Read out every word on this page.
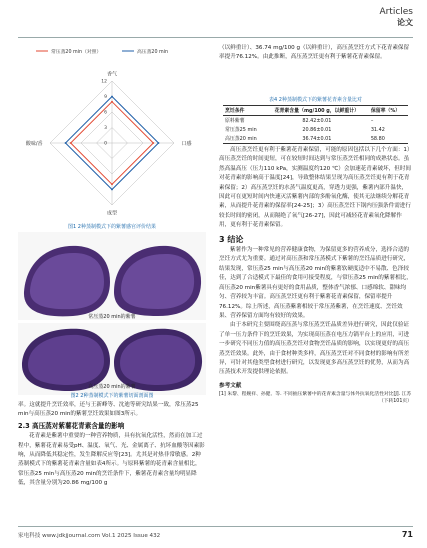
Articles
论文
常压蒸20 min（对照）	高压蒸20 min
0
3
6
9
12
香气
口感
成型
酸味/香
图1 2种蒸制模式下的紫薯感官评价结果
常压蒸20 min的紫薯
高压蒸20 min的紫薯
图2 2种蒸制模式下的紫薯切面剖面图

率。这就提升烹饪效率，还与王新峰等、沈迪等研究结果一致，常压蒸25 min与高压蒸20 min的紫薯烹饪效果如图3所示。

2.3 高压蒸对紫薯花青素含量的影响

花青素是紫薯中重要的一种营养物质，具有抗氧化活性，然而在加工过程中，紫薯花青素易受pH、温度、氧气、光、金属离子、抗坏血酸等因素影响，从而降低其稳定性，发生降解反应等[23]。尤其是对热非常敏感。2种蒸制模式下的紫薯花青素含量如表4所示。与原料紫薯的花青素含量相比，常压蒸25 min与高压蒸20 min的烹饪条件下，紫薯花青素含量均明显降低，其含量分别为20.86 mg/100 g

（以鲜重计）、36.74 mg/100 g（以鲜重计），高压蒸烹饪方式下花青素保留率提升76.12%。由此推断，高压蒸烹饪更有利于紫薯花青素保留。

表4 2种蒸制模式下的紫薯花青素含量比对
烹饪条件	花青素含量（mg/100 g，以鲜重计）	保留率（%）
原料紫薯	82.42±0.01	–
常压蒸25 min	20.86±0.01	31.42
高压蒸20 min	36.74±0.01	58.80

高压蒸烹饪更有利于紫薯花青素保留，可能的原因包括以下几个方面：1）高压蒸烹饪的时间更短，可在较短时间达到与常压蒸烹饪相同的成熟状态。虽然高温高压（压力110 kPa，实测温度约120 ℃）会加速花青素破坏，但时间对花青素的影响高于温度[24]，导致整体结果呈现为高压蒸烹饪更有利于花青素保留；2）高压蒸烹饪的水蒸气温度更高，穿透力更强，紫薯内部升温快，因此可在更短时间内快速灭活紫薯内部的多酚氧化酶，使其无法继续分解花青素，从而提升花青素的保留率[24-25]；3）高压蒸烹饪下锅内压强条件需进行较长时间的密闭，从而隔绝了氧气[26-27]，因此可减轻花青素氧化降解作用，更有利于花青素保留。

3 结论

紫薯作为一种常见的营养健康食物，为保留更多的营养成分，选择合适的烹饪方式尤为重要。通过对高压蒸和常压蒸模式下紫薯的烹饪品质进行研究，结果发现，常压蒸25 min与高压蒸20 min的紫薯软硬度适中不易散、色泽较佳，达到了合适模式下最佳的食用可接受程度，与常压蒸25 min的紫薯相比，高压蒸20 min紫薯具有更好的食用品质，整体香气浓郁、口感绵软、甜味均匀、营养较为丰富。高压蒸烹饪更有利于紫薯花青素保留，保留率提升76.12%。综上所述，高压蒸紫薯相较于常压蒸紫薯，在烹饪速度、烹饪效果、营养保留方面均有较好的效果。

由于本研究主要围绕高压蒸与常压蒸烹饪品质差异进行研究，因此仅验证了单一压力条件下的烹饪效果，为实现高压蒸在电压力锅平台上的应用，可进一步研究不同压力值的高压蒸烹饪对食物烹饪品质的影响，以实现更好的高压蒸烹饪效果。此外，由于食材种类多样，高压蒸烹饪对不同食材的影响有所差异，可针对其他类型食材进行研究，以发现更多高压蒸烹饪的优势，从而为高压蒸技术开发提供理论依据。

参考文献
[1] 朱黎、程婉祥、孙健、等. 不同抽压紫薯中的花青素含量与体外抗氧化活性对比[J]. 江苏
（下转101页）
家电科技 www.jdkjjournal.com Vol.1 2025 Issue 432	71
